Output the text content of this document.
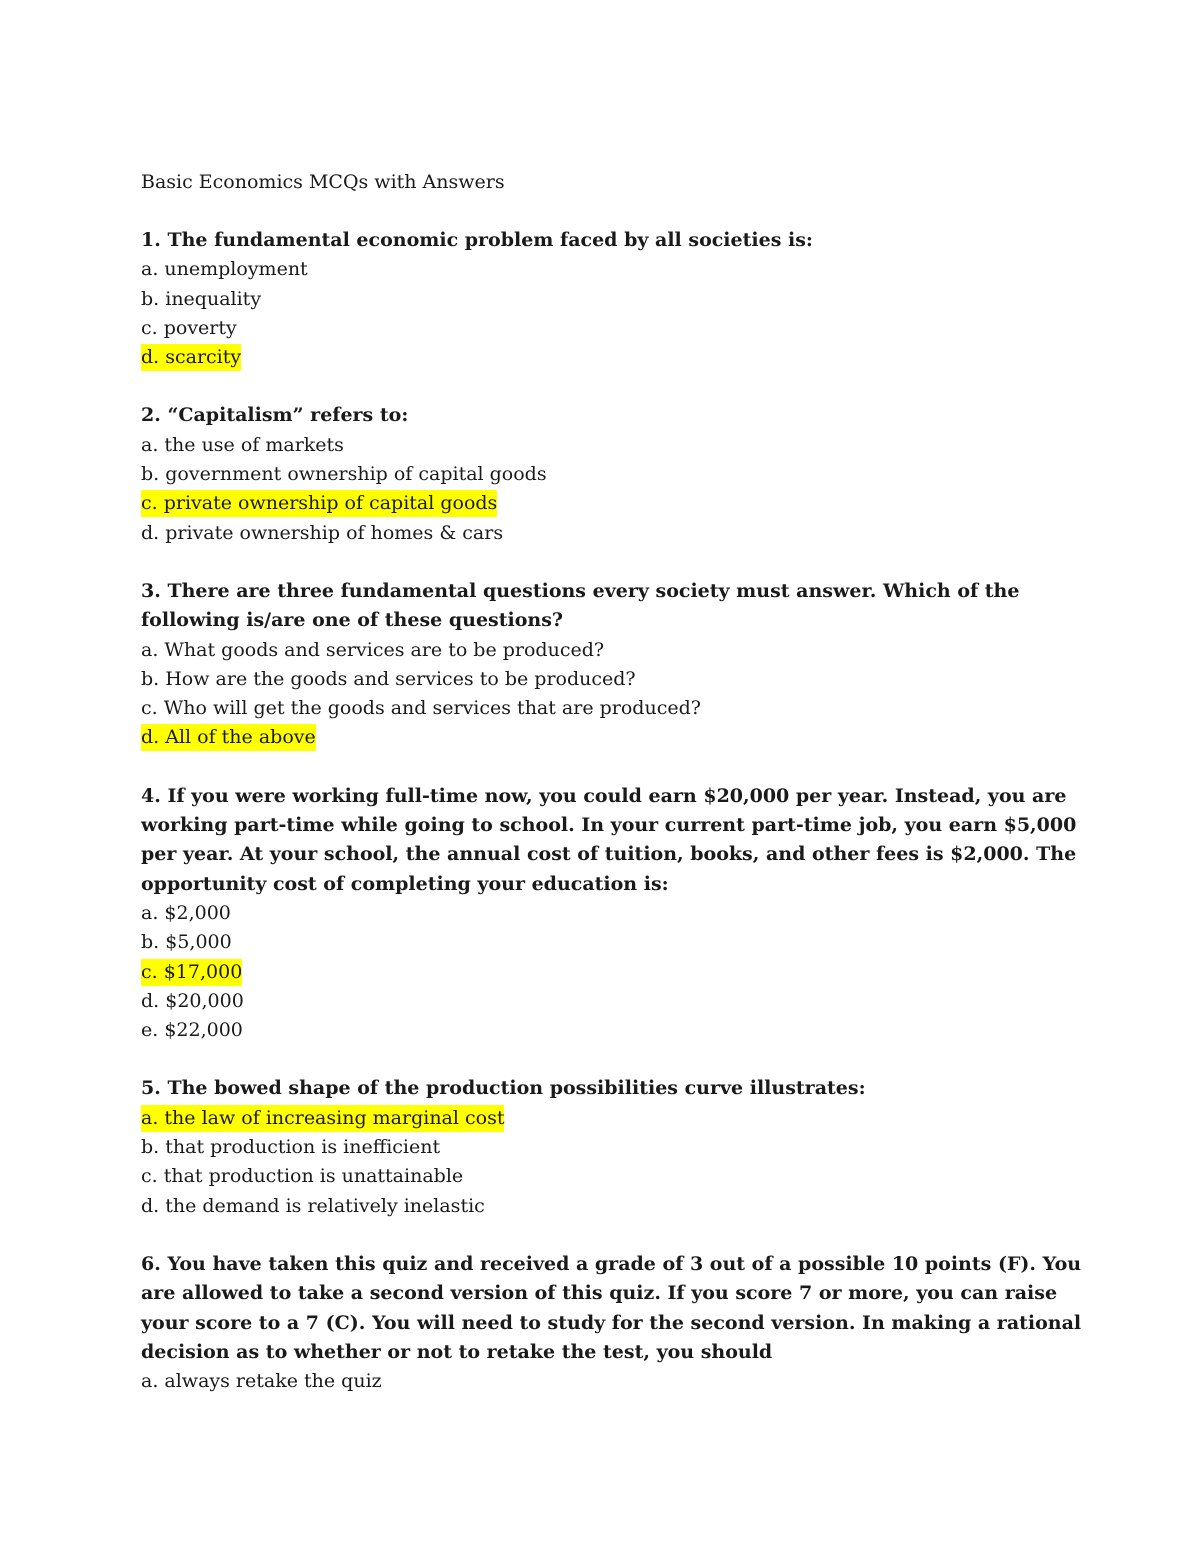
Basic Economics MCQs with Answers

1. The fundamental economic problem faced by all societies is:

a. unemployment

b. inequality

c. poverty

d. scarcity

2. “Capitalism” refers to:

a. the use of markets

b. government ownership of capital goods

c. private ownership of capital goods

d. private ownership of homes & cars

3. There are three fundamental questions every society must answer. Which of the following is/are one of these questions?

a. What goods and services are to be produced?

b. How are the goods and services to be produced?

c. Who will get the goods and services that are produced?

d. All of the above

4. If you were working full-time now, you could earn $20,000 per year. Instead, you are working part-time while going to school. In your current part-time job, you earn $5,000 per year. At your school, the annual cost of tuition, books, and other fees is $2,000. The opportunity cost of completing your education is:

a. $2,000

b. $5,000

c. $17,000

d. $20,000

e. $22,000

5. The bowed shape of the production possibilities curve illustrates:

a. the law of increasing marginal cost

b. that production is inefficient

c. that production is unattainable

d. the demand is relatively inelastic

6. You have taken this quiz and received a grade of 3 out of a possible 10 points (F). You are allowed to take a second version of this quiz. If you score 7 or more, you can raise your score to a 7 (C). You will need to study for the second version. In making a rational decision as to whether or not to retake the test, you should

a. always retake the quiz
